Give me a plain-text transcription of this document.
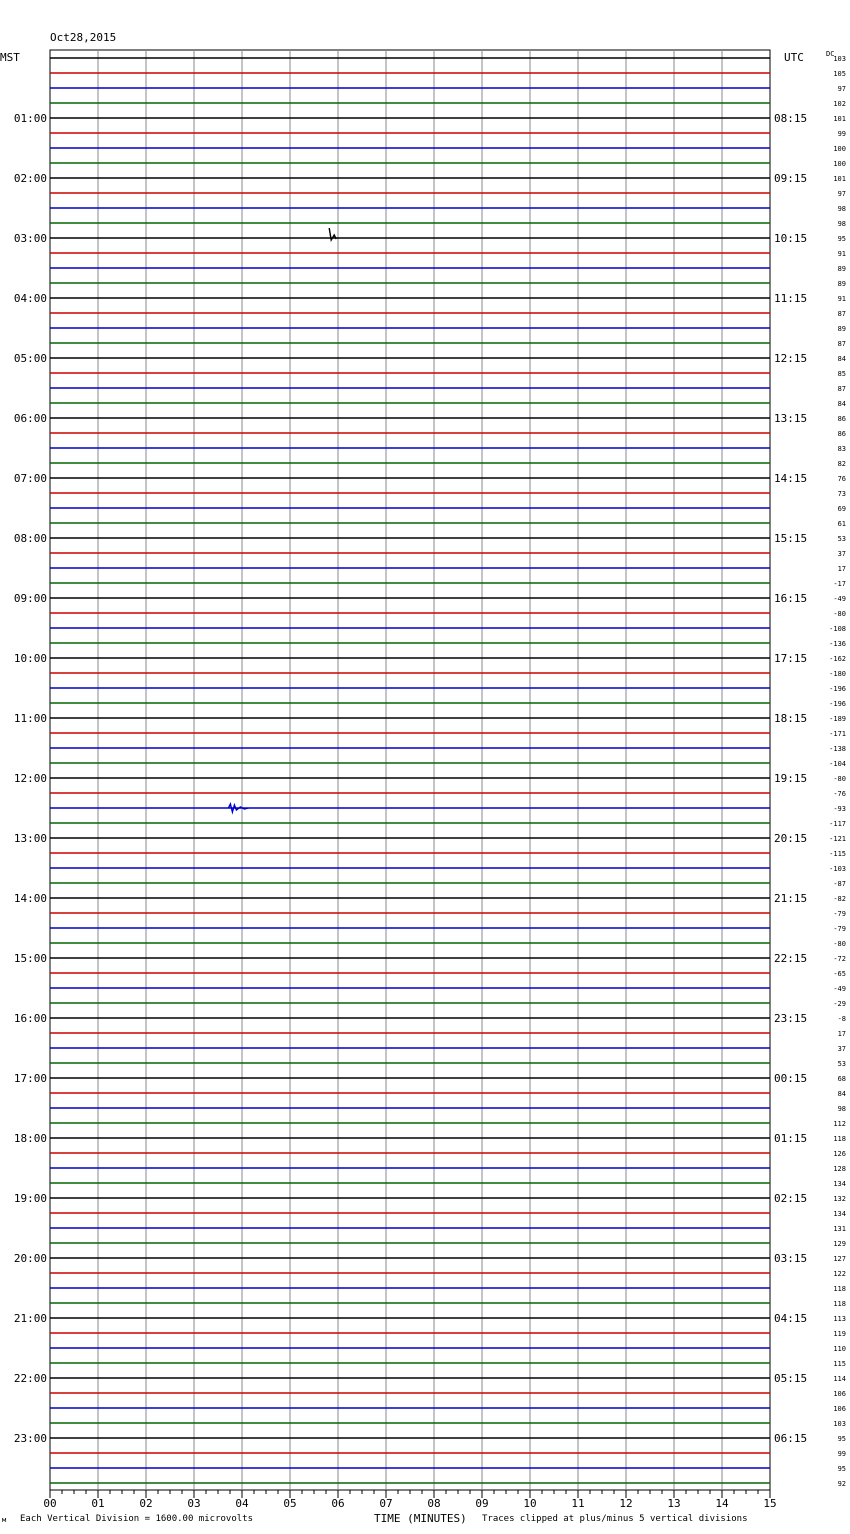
Oct28,2015

103
105
97
102
101
99
100
100
101
97
98
98
95
91
89
89
91
87
89
87
84
85
87
84
86
86
83
82
76
73
69
61
53
37
17
-17
-49
-80
-108
-136
-162
-180
-196
-196
-189
-171
-138
-104
-80
-76
-93
-117
-121
-115
-103
-87
-82
-79
-79
-80
-72
-65
-49
-29
-8
17
37
53
68
84
98
112
118
126
128
134
132
134
131
129
127
122
118
118
113
119
110
115
114
106
106
103
95
99
95
92
00	01	02	03	04	05	06	07	08	09	10	11	12	13	14	15
01:00
02:00
03:00
04:00
05:00
06:00
07:00
08:00
09:00
10:00
11:00
12:00
13:00
14:00
15:00
16:00
17:00
18:00
19:00
20:00
21:00
22:00
23:00
08:15
09:15
10:15
11:15
12:15
13:15
14:15
15:15
16:15
17:15
18:15
19:15
20:15
21:15
22:15
23:15
00:15
01:15
02:15
03:15
04:15
05:15
06:15
MST	UTC	DC
м Each Vertical Division = 1600.00 microvolts	TIME (MINUTES) Traces clipped at plus/minus 5 vertical divisions
